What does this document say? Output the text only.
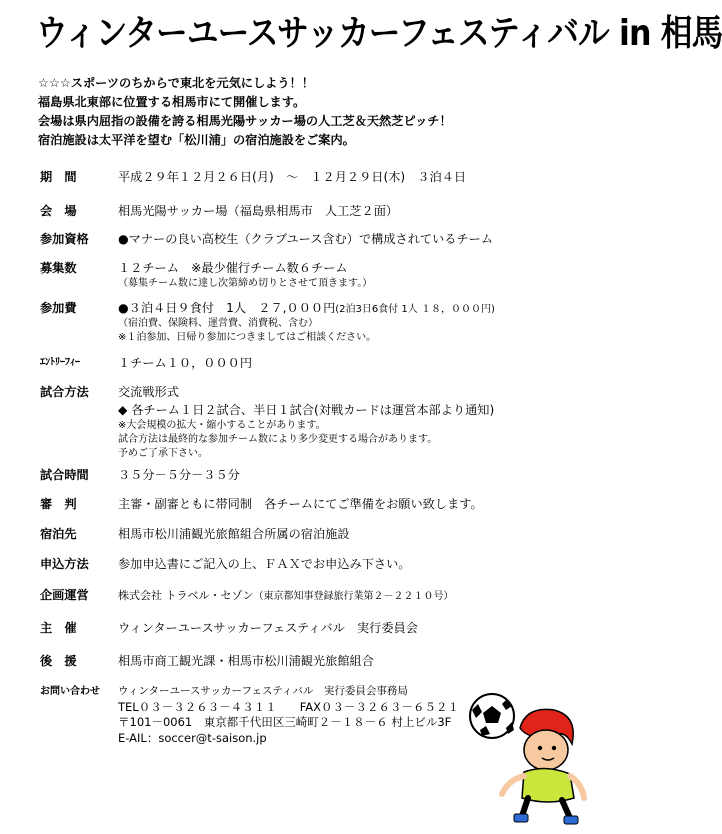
ウィンターユースサッカーフェスティバル in 相馬
☆☆☆スポーツのちからで東北を元気にしよう！！
福島県北東部に位置する相馬市にて開催します。
会場は県内屈指の設備を誇る相馬光陽サッカー場の人工芝＆天然芝ピッチ！
宿泊施設は太平洋を望む「松川浦」の宿泊施設をご案内。
期　間	平成２９年１２月２６日(月)　～　１２月２９日(木)　３泊４日
会　場	相馬光陽サッカー場（福島県相馬市　人工芝２面）
参加資格	●マナーの良い高校生（クラブユース含む）で構成されているチーム
募集数	１２チーム　※最少催行チーム数６チーム
（募集チーム数に達し次第締め切りとさせて頂きます。）
参加費	●３泊４日９食付　1人　２７,０００円(2泊3日6食付 1人 １８，０００円)
（宿泊費、保険料、運営費、消費税、含む）
※１泊参加、日帰り参加につきましてはご相談ください。
ｴﾝﾄﾘｰﾌｨｰ	１チーム１０，０００円
試合方法	交流戦形式
◆ 各チーム１日２試合、半日１試合(対戦カードは運営本部より通知)
※大会規模の拡大・縮小することがあります。
試合方法は最終的な参加チーム数により多少変更する場合があります。
予めご了承下さい。
試合時間	３５分－５分－３５分
審　判	主審・副審ともに帯同制　各チームにてご準備をお願い致します。
宿泊先	相馬市松川浦観光旅館組合所属の宿泊施設
申込方法	参加申込書にご記入の上、ＦＡＸでお申込み下さい。
企画運営	株式会社 トラベル・セゾン（東京都知事登録旅行業第２－２２１０号）
主　催	ウィンターユースサッカーフェスティバル　実行委員会
後　援	相馬市商工観光課・相馬市松川浦観光旅館組合
お問い合わせ	ウィンターユースサッカーフェスティバル　実行委員会事務局
TEL０３－３２６３－４３１１　　FAX０３－３２６３－６５２１
〒101－0061　東京都千代田区三崎町２－１８－６ 村上ビル3F
E-AIL：soccer@t-saison.jp
